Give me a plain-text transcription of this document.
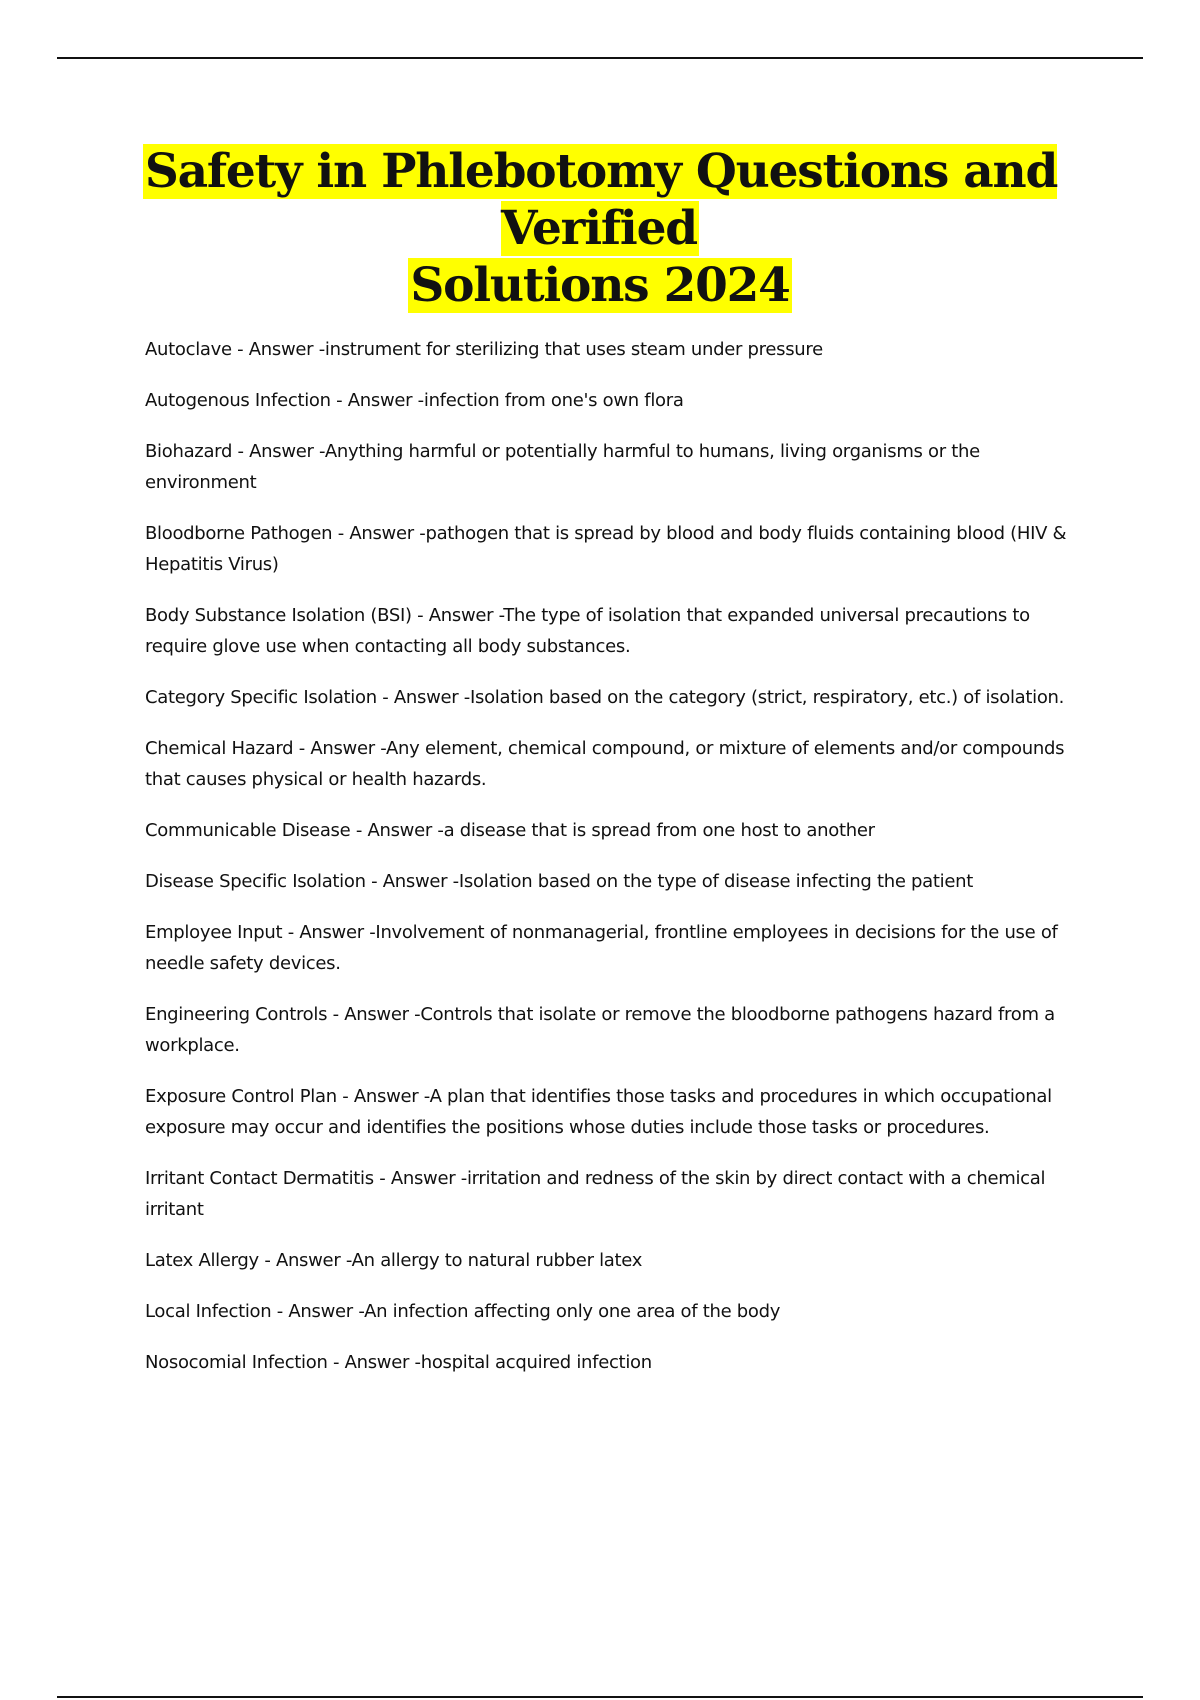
Safety in Phlebotomy Questions and Verified
Solutions 2024
Autoclave - Answer -instrument for sterilizing that uses steam under pressure
Autogenous Infection - Answer -infection from one's own flora
Biohazard - Answer -Anything harmful or potentially harmful to humans, living organisms or the environment
Bloodborne Pathogen - Answer -pathogen that is spread by blood and body fluids containing blood (HIV & Hepatitis Virus)
Body Substance Isolation (BSI) - Answer -The type of isolation that expanded universal precautions to require glove use when contacting all body substances.
Category Specific Isolation - Answer -Isolation based on the category (strict, respiratory, etc.) of isolation.
Chemical Hazard - Answer -Any element, chemical compound, or mixture of elements and/or compounds that causes physical or health hazards.
Communicable Disease - Answer -a disease that is spread from one host to another
Disease Specific Isolation - Answer -Isolation based on the type of disease infecting the patient
Employee Input - Answer -Involvement of nonmanagerial, frontline employees in decisions for the use of needle safety devices.
Engineering Controls - Answer -Controls that isolate or remove the bloodborne pathogens hazard from a workplace.
Exposure Control Plan - Answer -A plan that identifies those tasks and procedures in which occupational exposure may occur and identifies the positions whose duties include those tasks or procedures.
Irritant Contact Dermatitis - Answer -irritation and redness of the skin by direct contact with a chemical irritant
Latex Allergy - Answer -An allergy to natural rubber latex
Local Infection - Answer -An infection affecting only one area of the body
Nosocomial Infection - Answer -hospital acquired infection
